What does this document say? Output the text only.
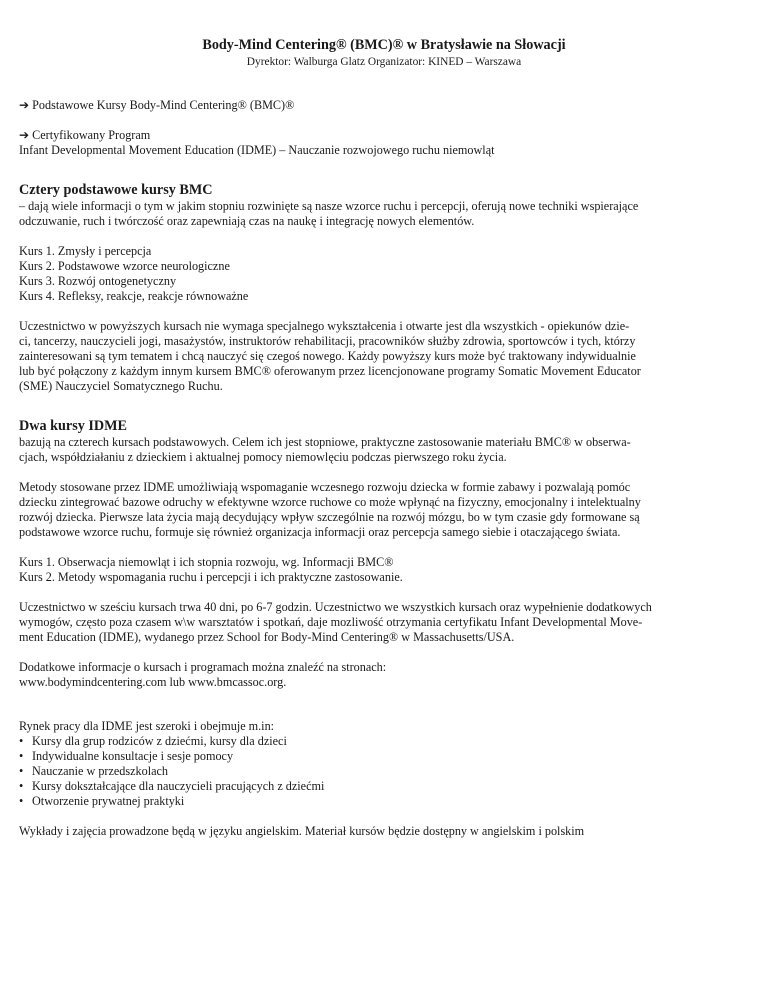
Body-Mind Centering® (BMC)® w Bratysławie na Słowacji

Dyrektor: Walburga Glatz Organizator: KINED – Warszawa

➔ Podstawowe Kursy Body-Mind Centering® (BMC)®

➔ Certyfikowany Program

Infant Developmental Movement Education (IDME) – Nauczanie rozwojowego ruchu niemowląt

Cztery podstawowe kursy BMC

– dają wiele informacji o tym w jakim stopniu rozwinięte są nasze wzorce ruchu i percepcji, oferują nowe techniki wspierające
odczuwanie, ruch i twórczość oraz zapewniają czas na naukę i integrację nowych elementów.

Kurs 1. Zmysły i percepcja

Kurs 2. Podstawowe wzorce neurologiczne

Kurs 3. Rozwój ontogenetyczny

Kurs 4. Refleksy, reakcje, reakcje równoważne

Uczestnictwo w powyższych kursach nie wymaga specjalnego wykształcenia i otwarte jest dla wszystkich - opiekunów dzie-
ci, tancerzy, nauczycieli jogi, masażystów, instruktorów rehabilitacji, pracowników służby zdrowia, sportowców i tych, którzy
zainteresowani są tym tematem i chcą nauczyć się czegoś nowego. Każdy powyższy kurs może być traktowany indywidualnie
lub być połączony z każdym innym kursem BMC® oferowanym przez licencjonowane programy Somatic Movement Educator
(SME) Nauczyciel Somatycznego Ruchu.

Dwa kursy IDME

bazują na czterech kursach podstawowych. Celem ich jest stopniowe, praktyczne zastosowanie materiału BMC® w obserwa-
cjach, współdziałaniu z dzieckiem i aktualnej pomocy niemowlęciu podczas pierwszego roku życia.

Metody stosowane przez IDME umożliwiają wspomaganie wczesnego rozwoju dziecka w formie zabawy i pozwalają pomóc
dziecku zintegrować bazowe odruchy w efektywne wzorce ruchowe co może wpłynąć na fizyczny, emocjonalny i intelektualny
rozwój dziecka. Pierwsze lata życia mają decydujący wpływ szczególnie na rozwój mózgu, bo w tym czasie gdy formowane są
podstawowe wzorce ruchu, formuje się również organizacja informacji oraz percepcja samego siebie i otaczającego świata.

Kurs 1. Obserwacja niemowląt i ich stopnia rozwoju, wg. Informacji BMC®

Kurs 2. Metody wspomagania ruchu i percepcji i ich praktyczne zastosowanie.

Uczestnictwo w sześciu kursach trwa 40 dni, po 6-7 godzin. Uczestnictwo we wszystkich kursach oraz wypełnienie dodatkowych
wymogów, często poza czasem w\w warsztatów i spotkań, daje mozliwość otrzymania certyfikatu Infant Developmental Move-
ment Education (IDME), wydanego przez School for Body-Mind Centering® w Massachusetts/USA.

Dodatkowe informacje o kursach i programach można znaleźć na stronach:
www.bodymindcentering.com lub www.bmcassoc.org.

Rynek pracy dla IDME jest szeroki i obejmuje m.in:

• Kursy dla grup rodziców z dziećmi, kursy dla dzieci
• Indywidualne konsultacje i sesje pomocy
• Nauczanie w przedszkolach
• Kursy dokształcające dla nauczycieli pracujących z dziećmi
• Otworzenie prywatnej praktyki

Wykłady i zajęcia prowadzone będą w języku angielskim. Materiał kursów będzie dostępny w angielskim i polskim
